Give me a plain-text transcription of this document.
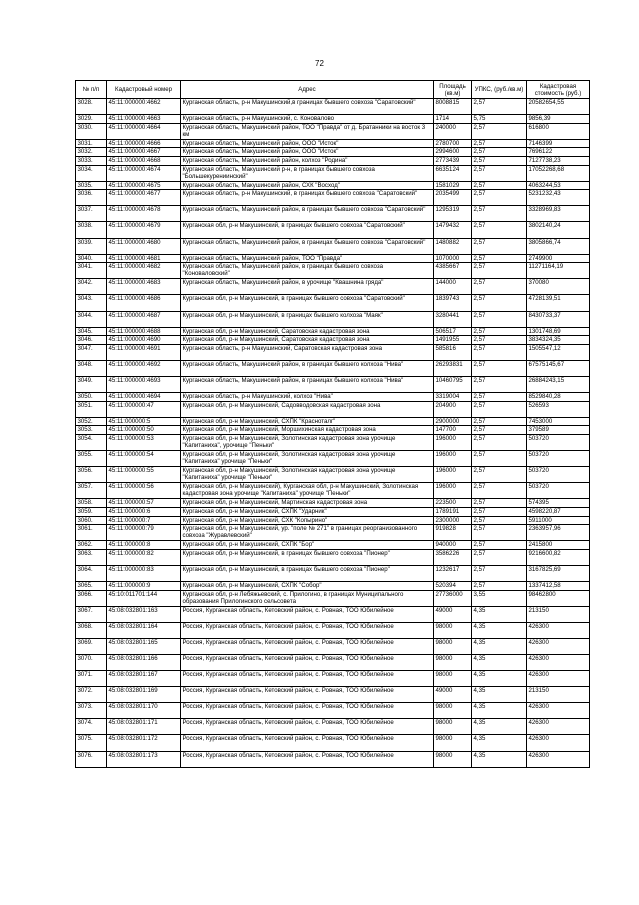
72
№ п/п	Кадастровый номер	Адрес	Площадь (кв.м)	УПКС, (руб./кв.м)	Кадастровая стоимость (руб.)
3028.	45:11:000000:4662	Курганская область, р-н Макушинский,в границах бывшего совхоза "Саратовский"	8008815	2,57	20582654,55
3029.	45:11:000000:4663	Курганская область, р-н Макушинский, с. Коновалово	1714	5,75	9856,39
3030.	45:11:000000:4664	Курганская область, Макушинский район, ТОО "Правда" от д. Братанники на восток 3 км	240000	2,57	616800
3031.	45:11:000000:4666	Курганская область, Макушинский район, ООО "Исток"	2780700	2,57	7146399
3032.	45:11:000000:4667	Курганская область, Макушинский район, ООО "Исток"	2994600	2,57	7696122
3033.	45:11:000000:4668	Курганская область, Макушинский район, колхоз "Родина"	2773439	2,57	7127738,23
3034.	45:11:000000:4674	Курганская область, Макушинский р-н, в границах бывшего совхоза "Большекурениинский"	6635124	2,57	17052268,68
3035.	45:11:000000:4675	Курганская область, Макушинский район, СХК "Восход"	1581029	2,57	4063244,53
3036.	45:11:000000:4677	Курганская область, р-н Макушинский, в границах бывшего совхоза "Саратовский"	2035499	2,57	5231232,43
3037.	45:11:000000:4678	Курганская область, Макушинский район, в границах бывшего совхоза "Саратовский"	1295319	2,57	3328969,83
3038.	45:11:000000:4679	Курганская обл, р-н Макушинский, в границах бывшего совхоза "Саратовский"	1479432	2,57	3802140,24
3039.	45:11:000000:4680	Курганская область, Макушинский район, в границах бывшего совхоза "Саратовский"	1480882	2,57	3805866,74
3040.	45:11:000000:4681	Курганская область, Макушинский район, ТОО "Правда"	1070000	2,57	2749900
3041.	45:11:000000:4682	Курганская область, Макушинский район, в границах бывшего совхоза "Коноваловский"	4385667	2,57	11271164,19
3042.	45:11:000000:4683	Курганская область, Макушинский район, в урочище "Квашнина гряда"	144000	2,57	370080
3043.	45:11:000000:4686	Курганская обл, р-н Макушинский, в границах бывшего совхоза "Саратовский"	1839743	2,57	4728139,51
3044.	45:11:000000:4687	Курганская обл, р-н Макушинский, в границах бывшего колхоза "Маяк"	3280441	2,57	8430733,37
3045.	45:11:000000:4688	Курганская обл, р-н Макушинский, Саратовская кадастровая зона	506517	2,57	1301748,69
3046.	45:11:000000:4690	Курганская обл, р-н Макушинский, Саратовская кадастровая зона	1491955	2,57	3834324,35
3047.	45:11:000000:4691	Курганская область, р-н Макушинский, Саратовская кадастровая зона	585816	2,57	1505547,12
3048.	45:11:000000:4692	Курганская область, Макушинский район, в границах бывшего колхоза "Нива"	26293831	2,57	67575145,67
3049.	45:11:000000:4693	Курганская область, Макушинский район, в границах бывшего колхоза "Нива"	10460795	2,57	26884243,15
3050.	45:11:000000:4694	Курганская область, р-н Макушинский, колхоз "Нива"	3319004	2,57	8529840,28
3051.	45:11:000000:47	Курганская обл, р-н Макушинский, Садовводовская кадастровая зона	204900	2,57	526593
3052.	45:11:000000:5	Курганская обл, р-н Макушинский, СХПК "Красноталг"	2900000	2,57	7453000
3053.	45:11:000000:50	Курганская обл, р-н Макушинский, Моршихинская кадастровая зона	147700	2,57	379589
3054.	45:11:000000:53	Курганская обл, р-н Макушинский, Золотинская кадастровая зона урочище "Капитаниха", урочище "Пеньки"	196000	2,57	503720
3055.	45:11:000000:54	Курганская обл, р-н Макушинский, Золотинская кадастровая зона урочище "Капитаниха" урочище "Пеньки"	196000	2,57	503720
3056.	45:11:000000:55	Курганская обл, р-н Макушинский, Золотинская кадастровая зона урочище "Капитаниха" урочище "Пеньки"	196000	2,57	503720
3057.	45:11:000000:56	Курганская обл, р-н Макушинский), Курганская обл, р-н Макушинский, Золотинская кадастровая зона урочище "Капитаниха" урочище "Пеньки"	196000	2,57	503720
3058.	45:11:000000:57	Курганская обл, р-н Макушинский, Мартинская кадастровая зона	223500	2,57	574395
3059.	45:11:000000:6	Курганская обл, р-н Макушинский, СХПК "Ударник"	1789191	2,57	4598220,87
3060.	45:11:000000:7	Курганская обл, р-н Макушинский, СХК "Копырино"	2300000	2,57	5911000
3061.	45:11:000000:79	Курганская обл, р-н Макушинский, ур. "поле № 271" в границах реорганизованного совхоза "Журавлевский"	919828	2,57	2363957,96
3062.	45:11:000000:8	Курганская обл, р-н Макушинский, СХПК "Бор"	940000	2,57	2415800
3063.	45:11:000000:82	Курганская обл, р-н Макушинский, в границах бывшего совхоза "Пионер"	3586226	2,57	9216600,82
3064.	45:11:000000:83	Курганская обл, р-н Макушинский, в границах бывшего совхоза "Пионер"	1232617	2,57	3167825,69
3065.	45:11:000000:9	Курганская обл, р-н Макушинский, СХПК "Собор"	520394	2,57	1337412,58
3066.	45:10:011701:144	Курганская обл, р-н Лебяжьевский, с. Прилогино, в границах Муниципального образования Прилогинского сельсовета	27736000	3,55	98462800
3067.	45:08:032801:163	Россия, Курганская область, Кетовский район, с. Ровная, ТОО Юбилейное	49000	4,35	213150
3068.	45:08:032801:164	Россия, Курганская область, Кетовский район, с. Ровная, ТОО Юбилейное	98000	4,35	426300
3069.	45:08:032801:165	Россия, Курганская область, Кетовский район, с. Ровная, ТОО Юбилейное	98000	4,35	426300
3070.	45:08:032801:166	Россия, Курганская область, Кетовский район, с. Ровная, ТОО Юбилейное	98000	4,35	426300
3071.	45:08:032801:167	Россия, Курганская область, Кетовский район, с. Ровная, ТОО Юбилейное	98000	4,35	426300
3072.	45:08:032801:169	Россия, Курганская область, Кетовский район, с. Ровная, ТОО Юбилейное	49000	4,35	213150
3073.	45:08:032801:170	Россия, Курганская область, Кетовский район, с. Ровная, ТОО Юбилейное	98000	4,35	426300
3074.	45:08:032801:171	Россия, Курганская область, Кетовский район, с. Ровная, ТОО Юбилейное	98000	4,35	426300
3075.	45:08:032801:172	Россия, Курганская область, Кетовский район, с. Ровная, ТОО Юбилейное	98000	4,35	426300
3076.	45:08:032801:173	Россия, Курганская область, Кетовский район, с. Ровная, ТОО Юбилейное	98000	4,35	426300
